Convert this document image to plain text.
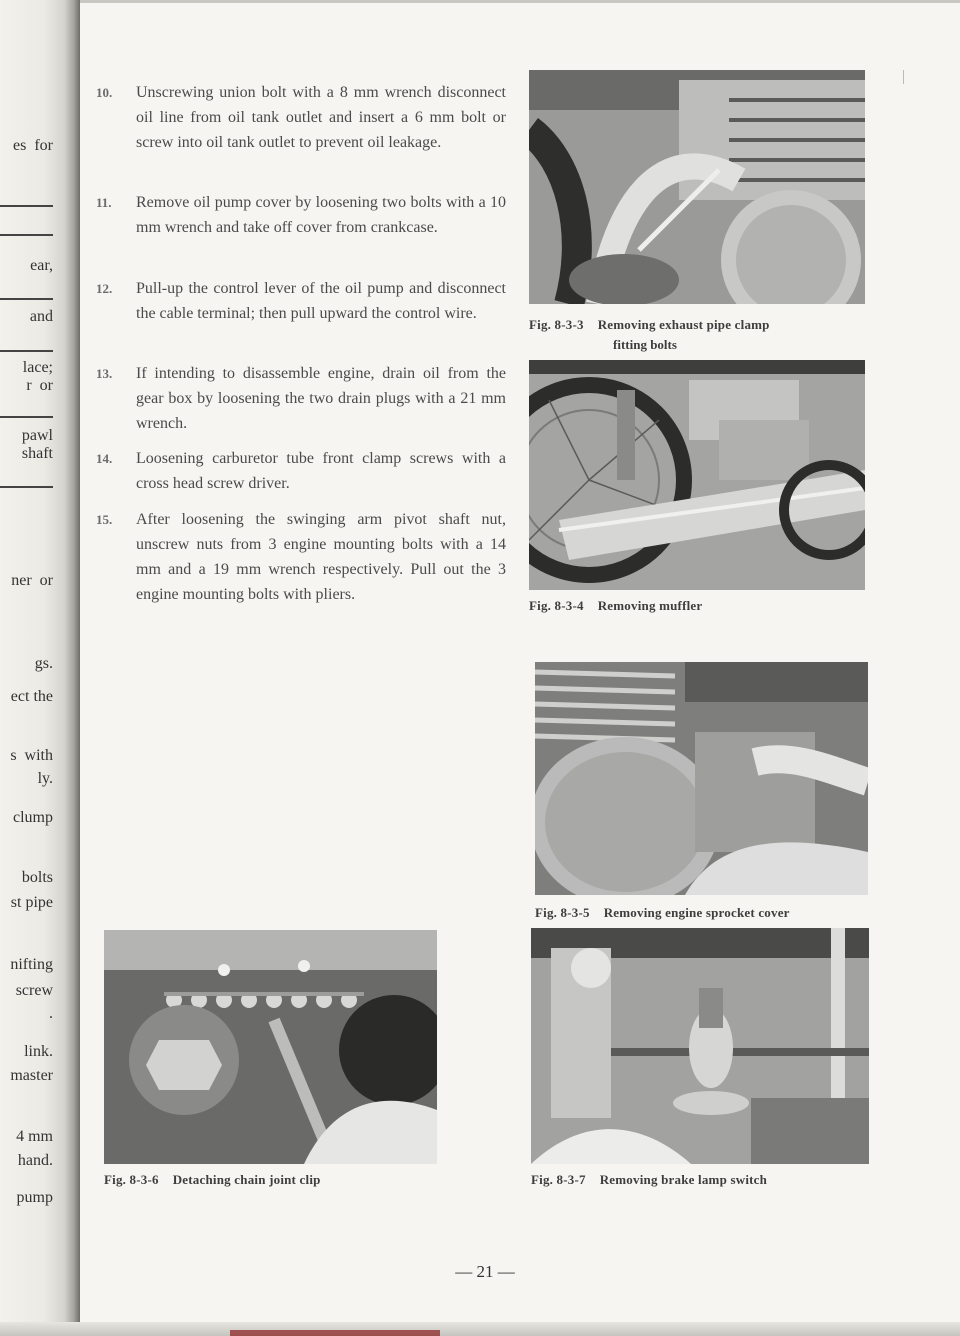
es  for
ear,
and
lace;
r  or
pawl
shaft
ner  or
gs.
ect the
s  with
ly.
clump
bolts
st pipe
nifting
screw
.
link.
master
4 mm
hand.
pump
10.	Unscrewing union bolt with a 8 mm wrench disconnect oil line from oil tank outlet and insert a 6 mm bolt or screw into oil tank outlet to prevent oil leakage.
11.	Remove oil pump cover by loosening two bolts with a 10 mm wrench and take off cover from crankcase.
12.	Pull-up the control lever of the oil pump and disconnect the cable terminal; then pull upward the control wire.
13.	If intending to disassemble engine, drain oil from the gear box by loosening the two drain plugs with a 21 mm wrench.
14.	Loosening carburetor tube front clamp screws with a cross head screw driver.
15.	After loosening the swinging arm pivot shaft nut, unscrew nuts from 3 engine mounting bolts with a 14 mm and a 19 mm wrench respectively. Pull out the 3 engine mounting bolts with pliers.
Fig. 8-3-3 Removing exhaust pipe clamp
fitting bolts
Fig. 8-3-4 Removing muffler
Fig. 8-3-5 Removing engine sprocket cover
Fig. 8-3-6 Detaching chain joint clip	Fig. 8-3-7 Removing brake lamp switch
— 21 —
